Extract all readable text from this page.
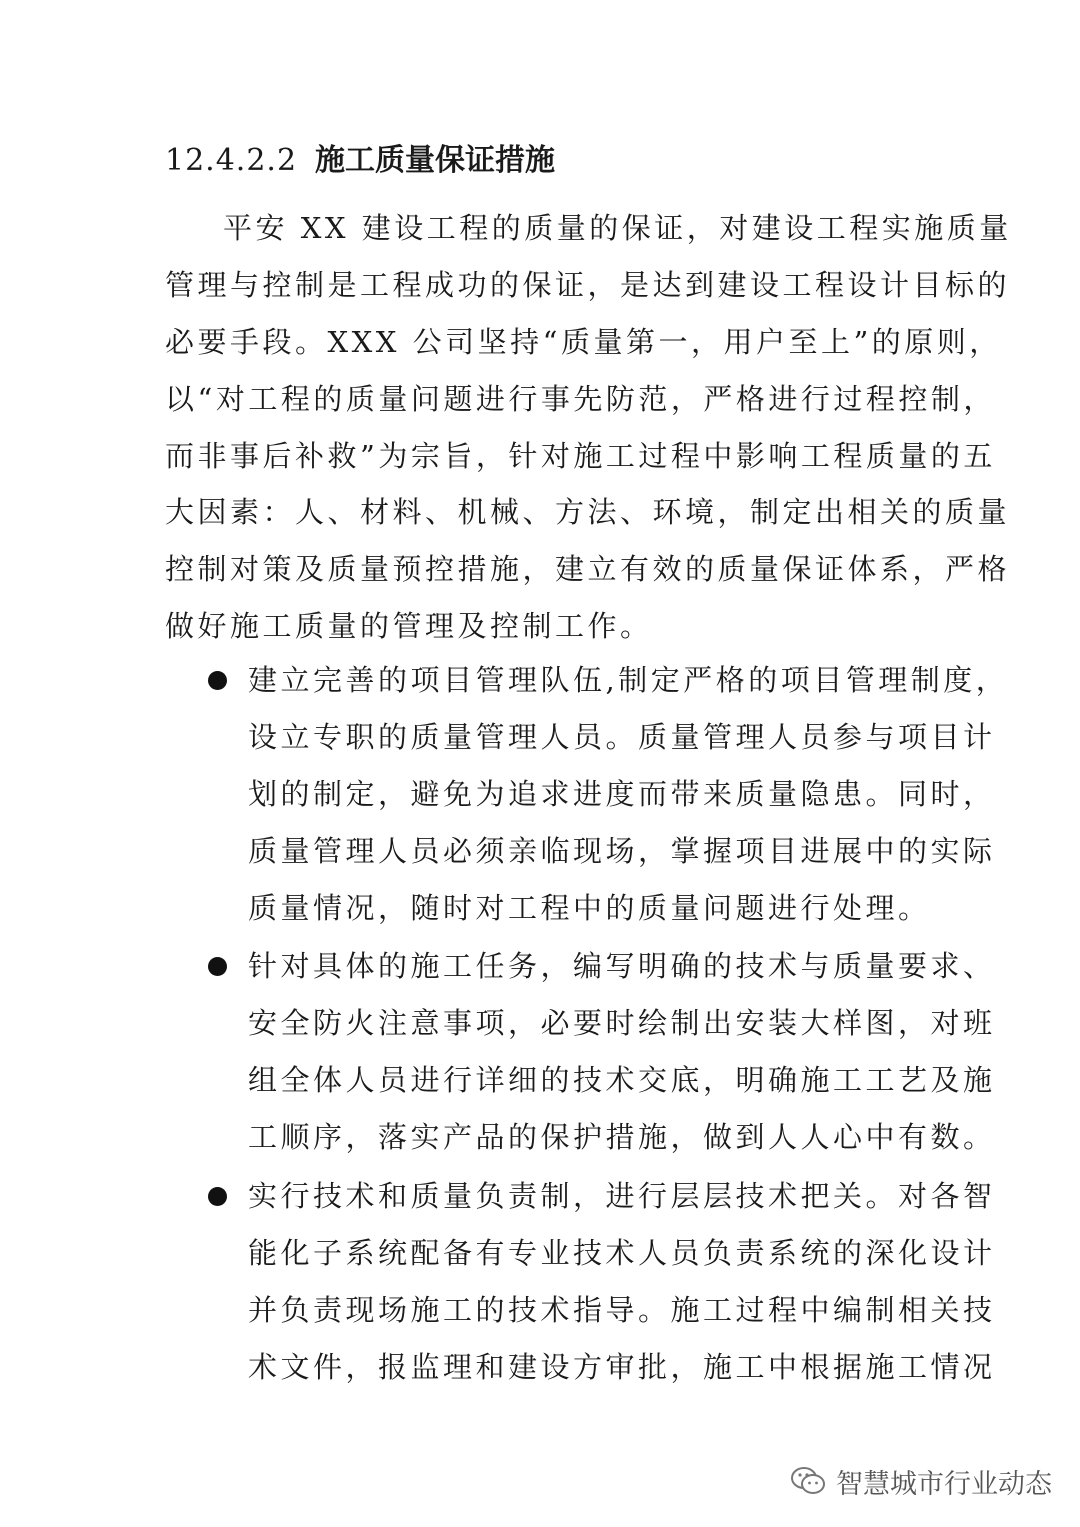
12.4.2.2 施工质量保证措施
平安 XX 建设工程的质量的保证，对建设工程实施质量
管理与控制是工程成功的保证，是达到建设工程设计目标的
必要手段。XXX 公司坚持“质量第一，用户至上”的原则，
以“对工程的质量问题进行事先防范，严格进行过程控制，
而非事后补救”为宗旨，针对施工过程中影响工程质量的五
大因素：人、材料、机械、方法、环境，制定出相关的质量
控制对策及质量预控措施，建立有效的质量保证体系，严格
做好施工质量的管理及控制工作。
建立完善的项目管理队伍,制定严格的项目管理制度，
设立专职的质量管理人员。质量管理人员参与项目计
划的制定，避免为追求进度而带来质量隐患。同时，
质量管理人员必须亲临现场，掌握项目进展中的实际
质量情况，随时对工程中的质量问题进行处理。
针对具体的施工任务，编写明确的技术与质量要求、
安全防火注意事项，必要时绘制出安装大样图，对班
组全体人员进行详细的技术交底，明确施工工艺及施
工顺序，落实产品的保护措施，做到人人心中有数。
实行技术和质量负责制，进行层层技术把关。对各智
能化子系统配备有专业技术人员负责系统的深化设计
并负责现场施工的技术指导。施工过程中编制相关技
术文件，报监理和建设方审批，施工中根据施工情况
智慧城市行业动态
